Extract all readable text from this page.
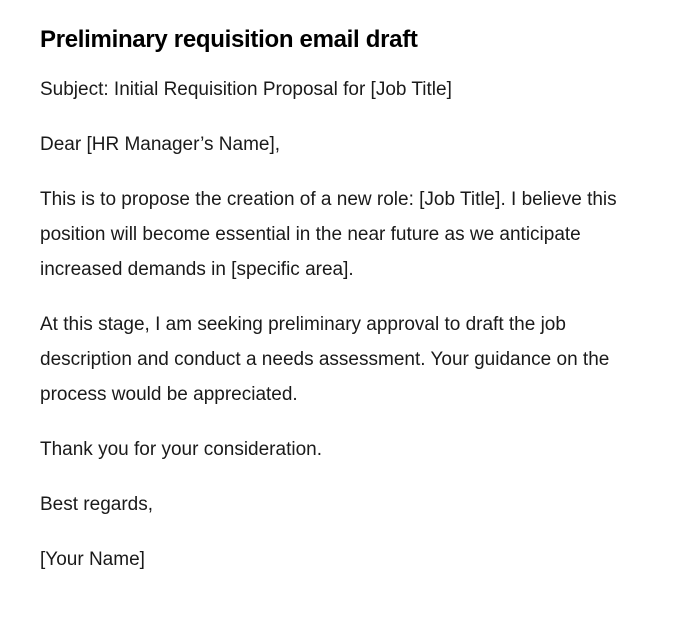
Preliminary requisition email draft

Subject: Initial Requisition Proposal for [Job Title]

Dear [HR Manager’s Name],

This is to propose the creation of a new role: [Job Title]. I believe this position will become essential in the near future as we anticipate increased demands in [specific area].

At this stage, I am seeking preliminary approval to draft the job description and conduct a needs assessment. Your guidance on the process would be appreciated.

Thank you for your consideration.

Best regards,

[Your Name]
